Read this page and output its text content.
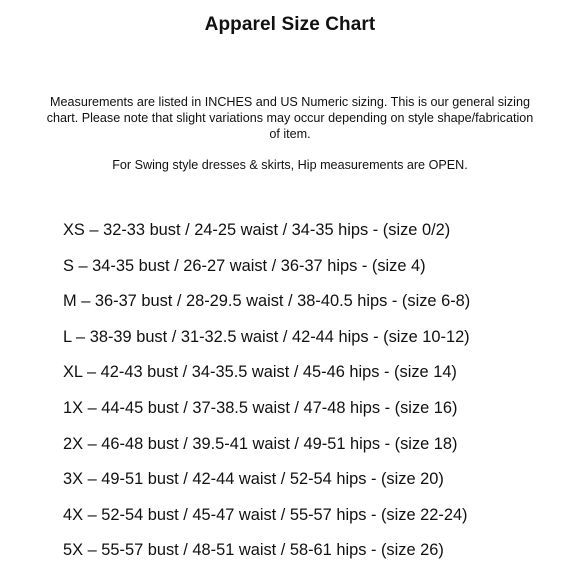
Apparel Size Chart

Measurements are listed in INCHES and US Numeric sizing. This is our general sizing chart. Please note that slight variations may occur depending on style shape/fabrication of item.

For Swing style dresses & skirts, Hip measurements are OPEN.

XS – 32-33 bust / 24-25 waist / 34-35 hips - (size 0/2)
S – 34-35 bust / 26-27 waist / 36-37 hips - (size 4)
M – 36-37 bust / 28-29.5 waist / 38-40.5 hips - (size 6-8)
L – 38-39 bust / 31-32.5 waist / 42-44 hips - (size 10-12)
XL – 42-43 bust / 34-35.5 waist / 45-46 hips - (size 14)
1X – 44-45 bust / 37-38.5 waist / 47-48 hips - (size 16)
2X – 46-48 bust / 39.5-41 waist / 49-51 hips - (size 18)
3X – 49-51 bust / 42-44 waist / 52-54 hips - (size 20)
4X – 52-54 bust / 45-47 waist / 55-57 hips - (size 22-24)
5X – 55-57 bust / 48-51 waist / 58-61 hips - (size 26)
